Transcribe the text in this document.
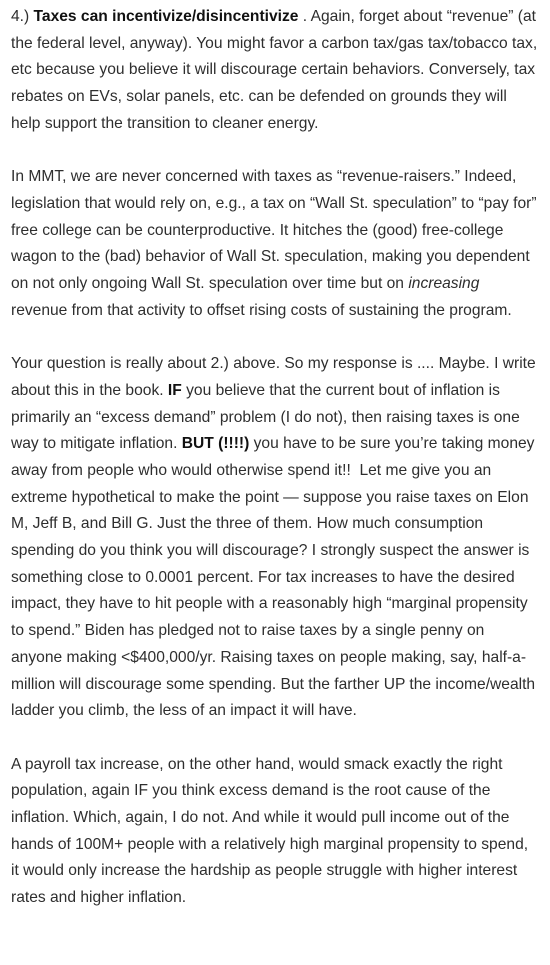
4.) Taxes can incentivize/disincentivize . Again, forget about “revenue” (at the federal level, anyway). You might favor a carbon tax/gas tax/tobacco tax, etc because you believe it will discourage certain behaviors. Conversely, tax rebates on EVs, solar panels, etc. can be defended on grounds they will help support the transition to cleaner energy.

In MMT, we are never concerned with taxes as “revenue-raisers.” Indeed, legislation that would rely on, e.g., a tax on “Wall St. speculation” to “pay for” free college can be counterproductive. It hitches the (good) free-college wagon to the (bad) behavior of Wall St. speculation, making you dependent on not only ongoing Wall St. speculation over time but on increasing revenue from that activity to offset rising costs of sustaining the program.

Your question is really about 2.) above. So my response is .... Maybe. I write about this in the book. IF you believe that the current bout of inflation is primarily an “excess demand” problem (I do not), then raising taxes is one way to mitigate inflation. BUT (!!!!) you have to be sure you’re taking money away from people who would otherwise spend it!!  Let me give you an extreme hypothetical to make the point — suppose you raise taxes on Elon M, Jeff B, and Bill G. Just the three of them. How much consumption spending do you think you will discourage? I strongly suspect the answer is something close to 0.0001 percent. For tax increases to have the desired impact, they have to hit people with a reasonably high “marginal propensity to spend.” Biden has pledged not to raise taxes by a single penny on anyone making <$400,000/yr. Raising taxes on people making, say, half-a-million will discourage some spending. But the farther UP the income/wealth ladder you climb, the less of an impact it will have.

A payroll tax increase, on the other hand, would smack exactly the right population, again IF you think excess demand is the root cause of the inflation. Which, again, I do not. And while it would pull income out of the hands of 100M+ people with a relatively high marginal propensity to spend, it would only increase the hardship as people struggle with higher interest rates and higher inflation.
